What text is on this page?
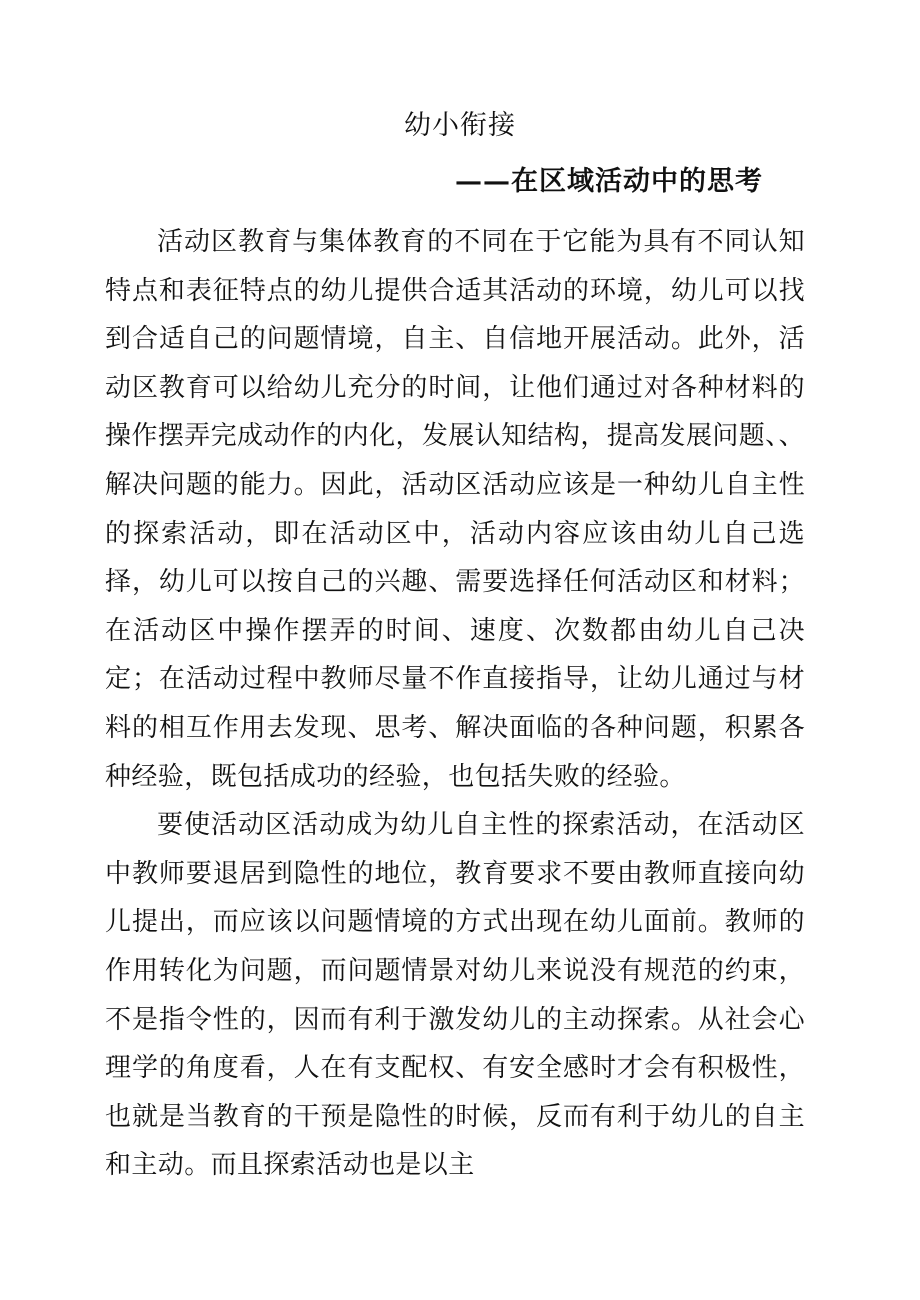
幼小衔接
——在区域活动中的思考

活动区教育与集体教育的不同在于它能为具有不同认知特点和表征特点的幼儿提供合适其活动的环境，幼儿可以找到合适自己的问题情境，自主、自信地开展活动。此外，活动区教育可以给幼儿充分的时间，让他们通过对各种材料的操作摆弄完成动作的内化，发展认知结构，提高发展问题、、解决问题的能力。因此，活动区活动应该是一种幼儿自主性的探索活动，即在活动区中，活动内容应该由幼儿自己选择，幼儿可以按自己的兴趣、需要选择任何活动区和材料；在活动区中操作摆弄的时间、速度、次数都由幼儿自己决定；在活动过程中教师尽量不作直接指导，让幼儿通过与材料的相互作用去发现、思考、解决面临的各种问题，积累各种经验，既包括成功的经验，也包括失败的经验。

要使活动区活动成为幼儿自主性的探索活动，在活动区中教师要退居到隐性的地位，教育要求不要由教师直接向幼儿提出，而应该以问题情境的方式出现在幼儿面前。教师的作用转化为问题，而问题情景对幼儿来说没有规范的约束，不是指令性的，因而有利于激发幼儿的主动探索。从社会心理学的角度看，人在有支配权、有安全感时才会有积极性，也就是当教育的干预是隐性的时候，反而有利于幼儿的自主和主动。而且探索活动也是以主
